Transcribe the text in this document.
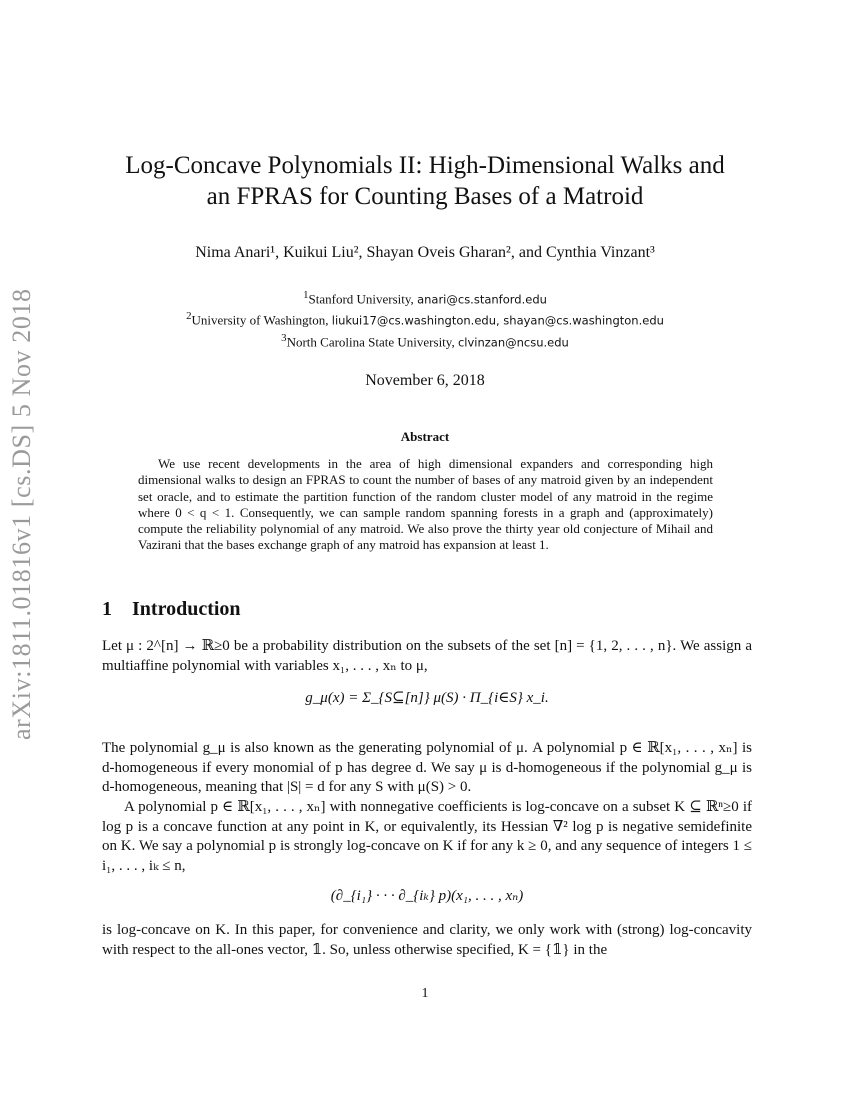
arXiv:1811.01816v1 [cs.DS] 5 Nov 2018
Log-Concave Polynomials II: High-Dimensional Walks and
an FPRAS for Counting Bases of a Matroid
Nima Anari¹, Kuikui Liu², Shayan Oveis Gharan², and Cynthia Vinzant³
$^1$Stanford University, anari@cs.stanford.edu
$^2$University of Washington, liukui17@cs.washington.edu, shayan@cs.washington.edu
$^3$North Carolina State University, clvinzan@ncsu.edu
November 6, 2018
Abstract
We use recent developments in the area of high dimensional expanders and corresponding high dimensional walks to design an FPRAS to count the number of bases of any matroid given by an independent set oracle, and to estimate the partition function of the random cluster model of any matroid in the regime where 0 < q < 1. Consequently, we can sample random spanning forests in a graph and (approximately) compute the reliability polynomial of any matroid. We also prove the thirty year old conjecture of Mihail and Vazirani that the bases exchange graph of any matroid has expansion at least 1.
1 Introduction
Let μ : 2^[n] → ℝ≥0 be a probability distribution on the subsets of the set [n] = {1, 2, . . . , n}. We assign a multiaffine polynomial with variables x₁, . . . , xₙ to μ,
g_μ(x) = Σ_{S⊆[n]} μ(S) · Π_{i∈S} x_i.
The polynomial g_μ is also known as the generating polynomial of μ. A polynomial p ∈ ℝ[x₁, . . . , xₙ] is d-homogeneous if every monomial of p has degree d. We say μ is d-homogeneous if the polynomial g_μ is d-homogeneous, meaning that |S| = d for any S with μ(S) > 0.
A polynomial p ∈ ℝ[x₁, . . . , xₙ] with nonnegative coefficients is log-concave on a subset K ⊆ ℝⁿ≥0 if log p is a concave function at any point in K, or equivalently, its Hessian ∇² log p is negative semidefinite on K. We say a polynomial p is strongly log-concave on K if for any k ≥ 0, and any sequence of integers 1 ≤ i₁, . . . , iₖ ≤ n,
(∂_{i₁} · · · ∂_{iₖ} p)(x₁, . . . , xₙ)
is log-concave on K. In this paper, for convenience and clarity, we only work with (strong) log-concavity with respect to the all-ones vector, 𝟙. So, unless otherwise specified, K = {𝟙} in the
1
